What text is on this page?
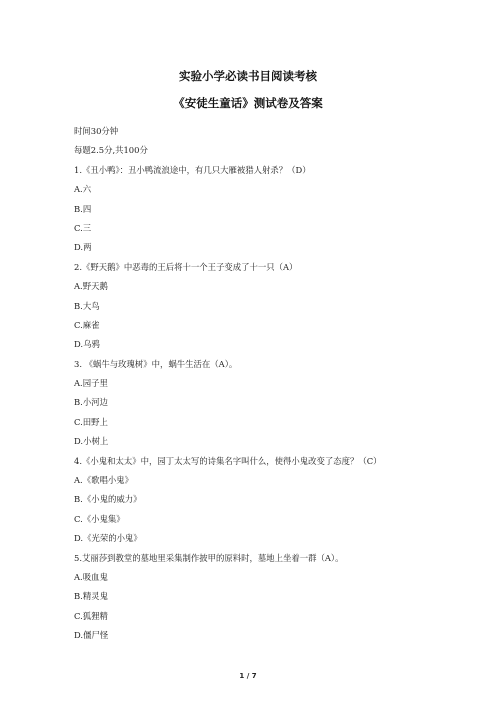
实验小学必读书目阅读考核
《安徒生童话》测试卷及答案
时间30分钟
每题2.5分,共100分
1.《丑小鸭》：丑小鸭流浪途中，有几只大雁被猎人射杀？（D）
A.六
B.四
C.三
D.两
2.《野天鹅》中恶毒的王后将十一个王子变成了十一只（A）
A.野天鹅
B.大鸟
C.麻雀
D.乌鸦
3. 《蜗牛与玫瑰树》中，蜗牛生活在（A）。
A.园子里
B.小河边
C.田野上
D.小树上
4.《小鬼和太太》中，园丁太太写的诗集名字叫什么，使得小鬼改变了态度？（C）
A.《歌唱小鬼》
B.《小鬼的威力》
C.《小鬼集》
D.《光荣的小鬼》
5.艾丽莎到教堂的墓地里采集制作披甲的原料时，墓地上坐着一群（A）。
A.吸血鬼
B.精灵鬼
C.狐狸精
D.僵尸怪
1 / 7
